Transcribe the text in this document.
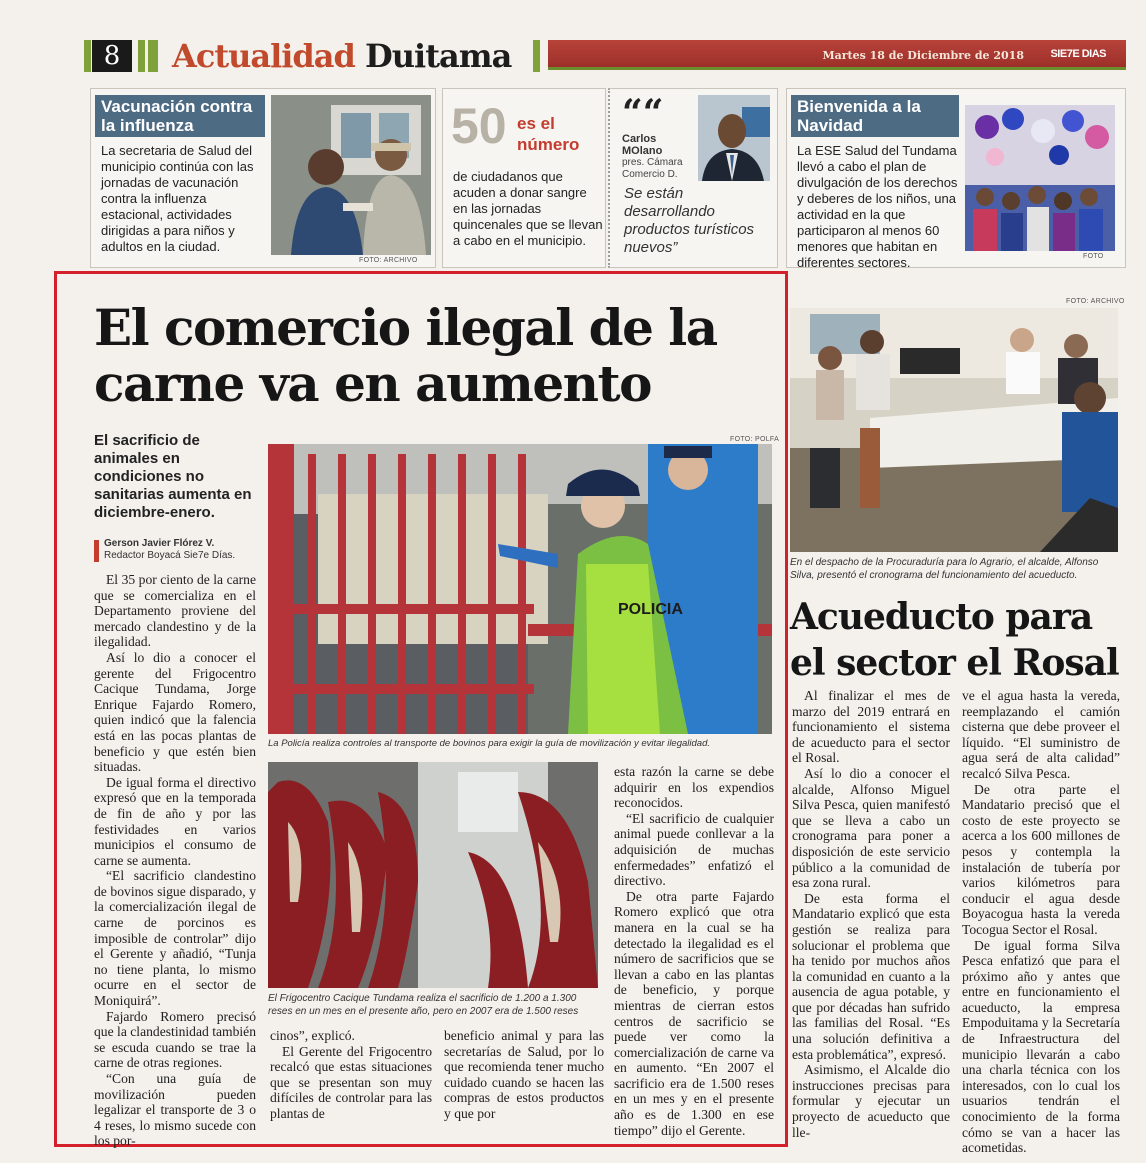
8	Actualidad Duitama	Martes 18 de Diciembre de 2018 SIE7E DIAS
Vacunación contra la influenza
La secretaria de Salud del municipio continúa con las jornadas de vacunación contra la influenza estacional, actividades dirigidas a para niños y adultos en la ciudad.
FOTO: ARCHIVO
50 es el número
de ciudadanos que acuden a donar sangre en las jornadas quincenales que se llevan a cabo en el municipio.
““
Carlos MOlano
pres. Cámara Comercio D.
Se están desarrollando productos turísticos nuevos”
Bienvenida a la Navidad
La ESE Salud del Tundama llevó a cabo el plan de divulgación de los derechos y deberes de los niños, una actividad en la que participaron al menos 60 menores que habitan en diferentes sectores.	FOTO
El comercio ilegal de la carne va en aumento
El sacrificio de animales en condiciones no sanitarias aumenta en diciembre-enero.
Gerson Javier Flórez V.
Redactor Boyacá Sie7e Días.
FOTO: POLFA
POLICIA
La Policía realiza controles al transporte de bovinos para exigir la guía de movilización y evitar ilegalidad.
El Frigocentro Cacique Tundama realiza el sacrificio de 1.200 a 1.300 reses en un mes en el presente año, pero en 2007 era de 1.500 reses

El 35 por ciento de la carne que se comercializa en el Departamento proviene del mercado clandestino y de la ilegalidad.

Así lo dio a conocer el gerente del Frigocentro Cacique Tundama, Jorge Enrique Fajardo Romero, quien indicó que la falencia está en las pocas plantas de beneficio y que estén bien situadas.

De igual forma el directivo expresó que en la temporada de fin de año y por las festividades en varios municipios el consumo de carne se aumenta.

“El sacrificio clandestino de bovinos sigue disparado, y la comercialización ilegal de carne de porcinos es imposible de controlar” dijo el Gerente y añadió, “Tunja no tiene planta, lo mismo ocurre en el sector de Moniquirá”.

Fajardo Romero precisó que la clandestinidad también se escuda cuando se trae la carne de otras regiones.

“Con una guía de movilización pueden legalizar el transporte de 3 o 4 reses, lo mismo sucede con los por-

cinos”, explicó.

El Gerente del Frigocentro recalcó que estas situaciones que se presentan son muy difíciles de controlar para las plantas de

beneficio animal y para las secretarías de Salud, por lo que recomienda tener mucho cuidado cuando se hacen las compras de estos productos y que por

esta razón la carne se debe adquirir en los expendios reconocidos.

“El sacrificio de cualquier animal puede conllevar a la adquisición de muchas enfermedades” enfatizó el directivo.

De otra parte Fajardo Romero explicó que otra manera en la cual se ha detectado la ilegalidad es el número de sacrificios que se llevan a cabo en las plantas de beneficio, y porque mientras de cierran estos centros de sacrificio se puede ver como la comercialización de carne va en aumento. “En 2007 el sacrificio era de 1.500 reses en un mes y en el presente año es de 1.300 en ese tiempo” dijo el Gerente.

FOTO: ARCHIVO
En el despacho de la Procuraduría para lo Agrario, el alcalde, Alfonso Silva, presentó el cronograma del funcionamiento del acueducto.
Acueducto para el sector el Rosal

Al finalizar el mes de marzo del 2019 entrará en funcionamiento el sistema de acueducto para el sector el Rosal.

Así lo dio a conocer el alcalde, Alfonso Miguel Silva Pesca, quien manifestó que se lleva a cabo un cronograma para poner a disposición de este servicio público a la comunidad de esa zona rural.

De esta forma el Mandatario explicó que esta gestión se realiza para solucionar el problema que ha tenido por muchos años la comunidad en cuanto a la ausencia de agua potable, y que por décadas han sufrido las familias del Rosal. “Es una solución definitiva a esta problemática”, expresó.

Asimismo, el Alcalde dio instrucciones precisas para formular y ejecutar un proyecto de acueducto que lle-

ve el agua hasta la vereda, reemplazando el camión cisterna que debe proveer el líquido. “El suministro de agua será de alta calidad” recalcó Silva Pesca.

De otra parte el Mandatario precisó que el costo de este proyecto se acerca a los 600 millones de pesos y contempla la instalación de tubería por varios kilómetros para conducir el agua desde Boyacogua hasta la vereda Tocogua Sector el Rosal.

De igual forma Silva Pesca enfatizó que para el próximo año y antes que entre en funcionamiento el acueducto, la empresa Empoduitama y la Secretaría de Infraestructura del municipio llevarán a cabo una charla técnica con los interesados, con lo cual los usuarios tendrán el conocimiento de la forma cómo se van a hacer las acometidas.
